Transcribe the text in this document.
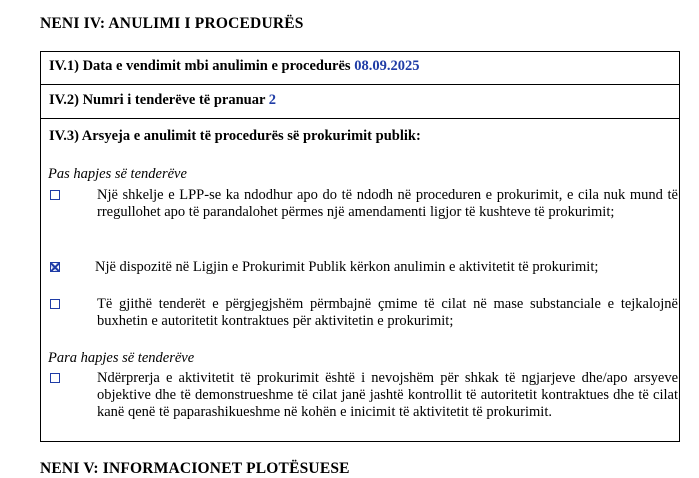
NENI IV: ANULIMI I PROCEDURËS
IV.1) Data e vendimit mbi anulimin e procedurës 08.09.2025
IV.2) Numri i tenderëve të pranuar 2
IV.3) Arsyeja e anulimit të procedurës së prokurimit publik:
Pas hapjes së tenderëve
Një shkelje e LPP-se ka ndodhur apo do të ndodh në proceduren e prokurimit, e cila nuk mund të rregullohet apo të parandalohet përmes një amendamenti ligjor të kushteve të prokurimit;
Një dispozitë në Ligjin e Prokurimit Publik kërkon anulimin e aktivitetit të prokurimit;
Të gjithë tenderët e përgjegjshëm përmbajnë çmime të cilat në mase substanciale e tejkalojnë buxhetin e autoritetit kontraktues për aktivitetin e prokurimit;
Para hapjes së tenderëve
Ndërprerja e aktivitetit të prokurimit është i nevojshëm për shkak të ngjarjeve dhe/apo arsyeve objektive dhe të demonstrueshme të cilat janë jashtë kontrollit të autoritetit kontraktues dhe të cilat kanë qenë të paparashikueshme në kohën e inicimit të aktivitetit të prokurimit.
NENI V: INFORMACIONET PLOTËSUESE
